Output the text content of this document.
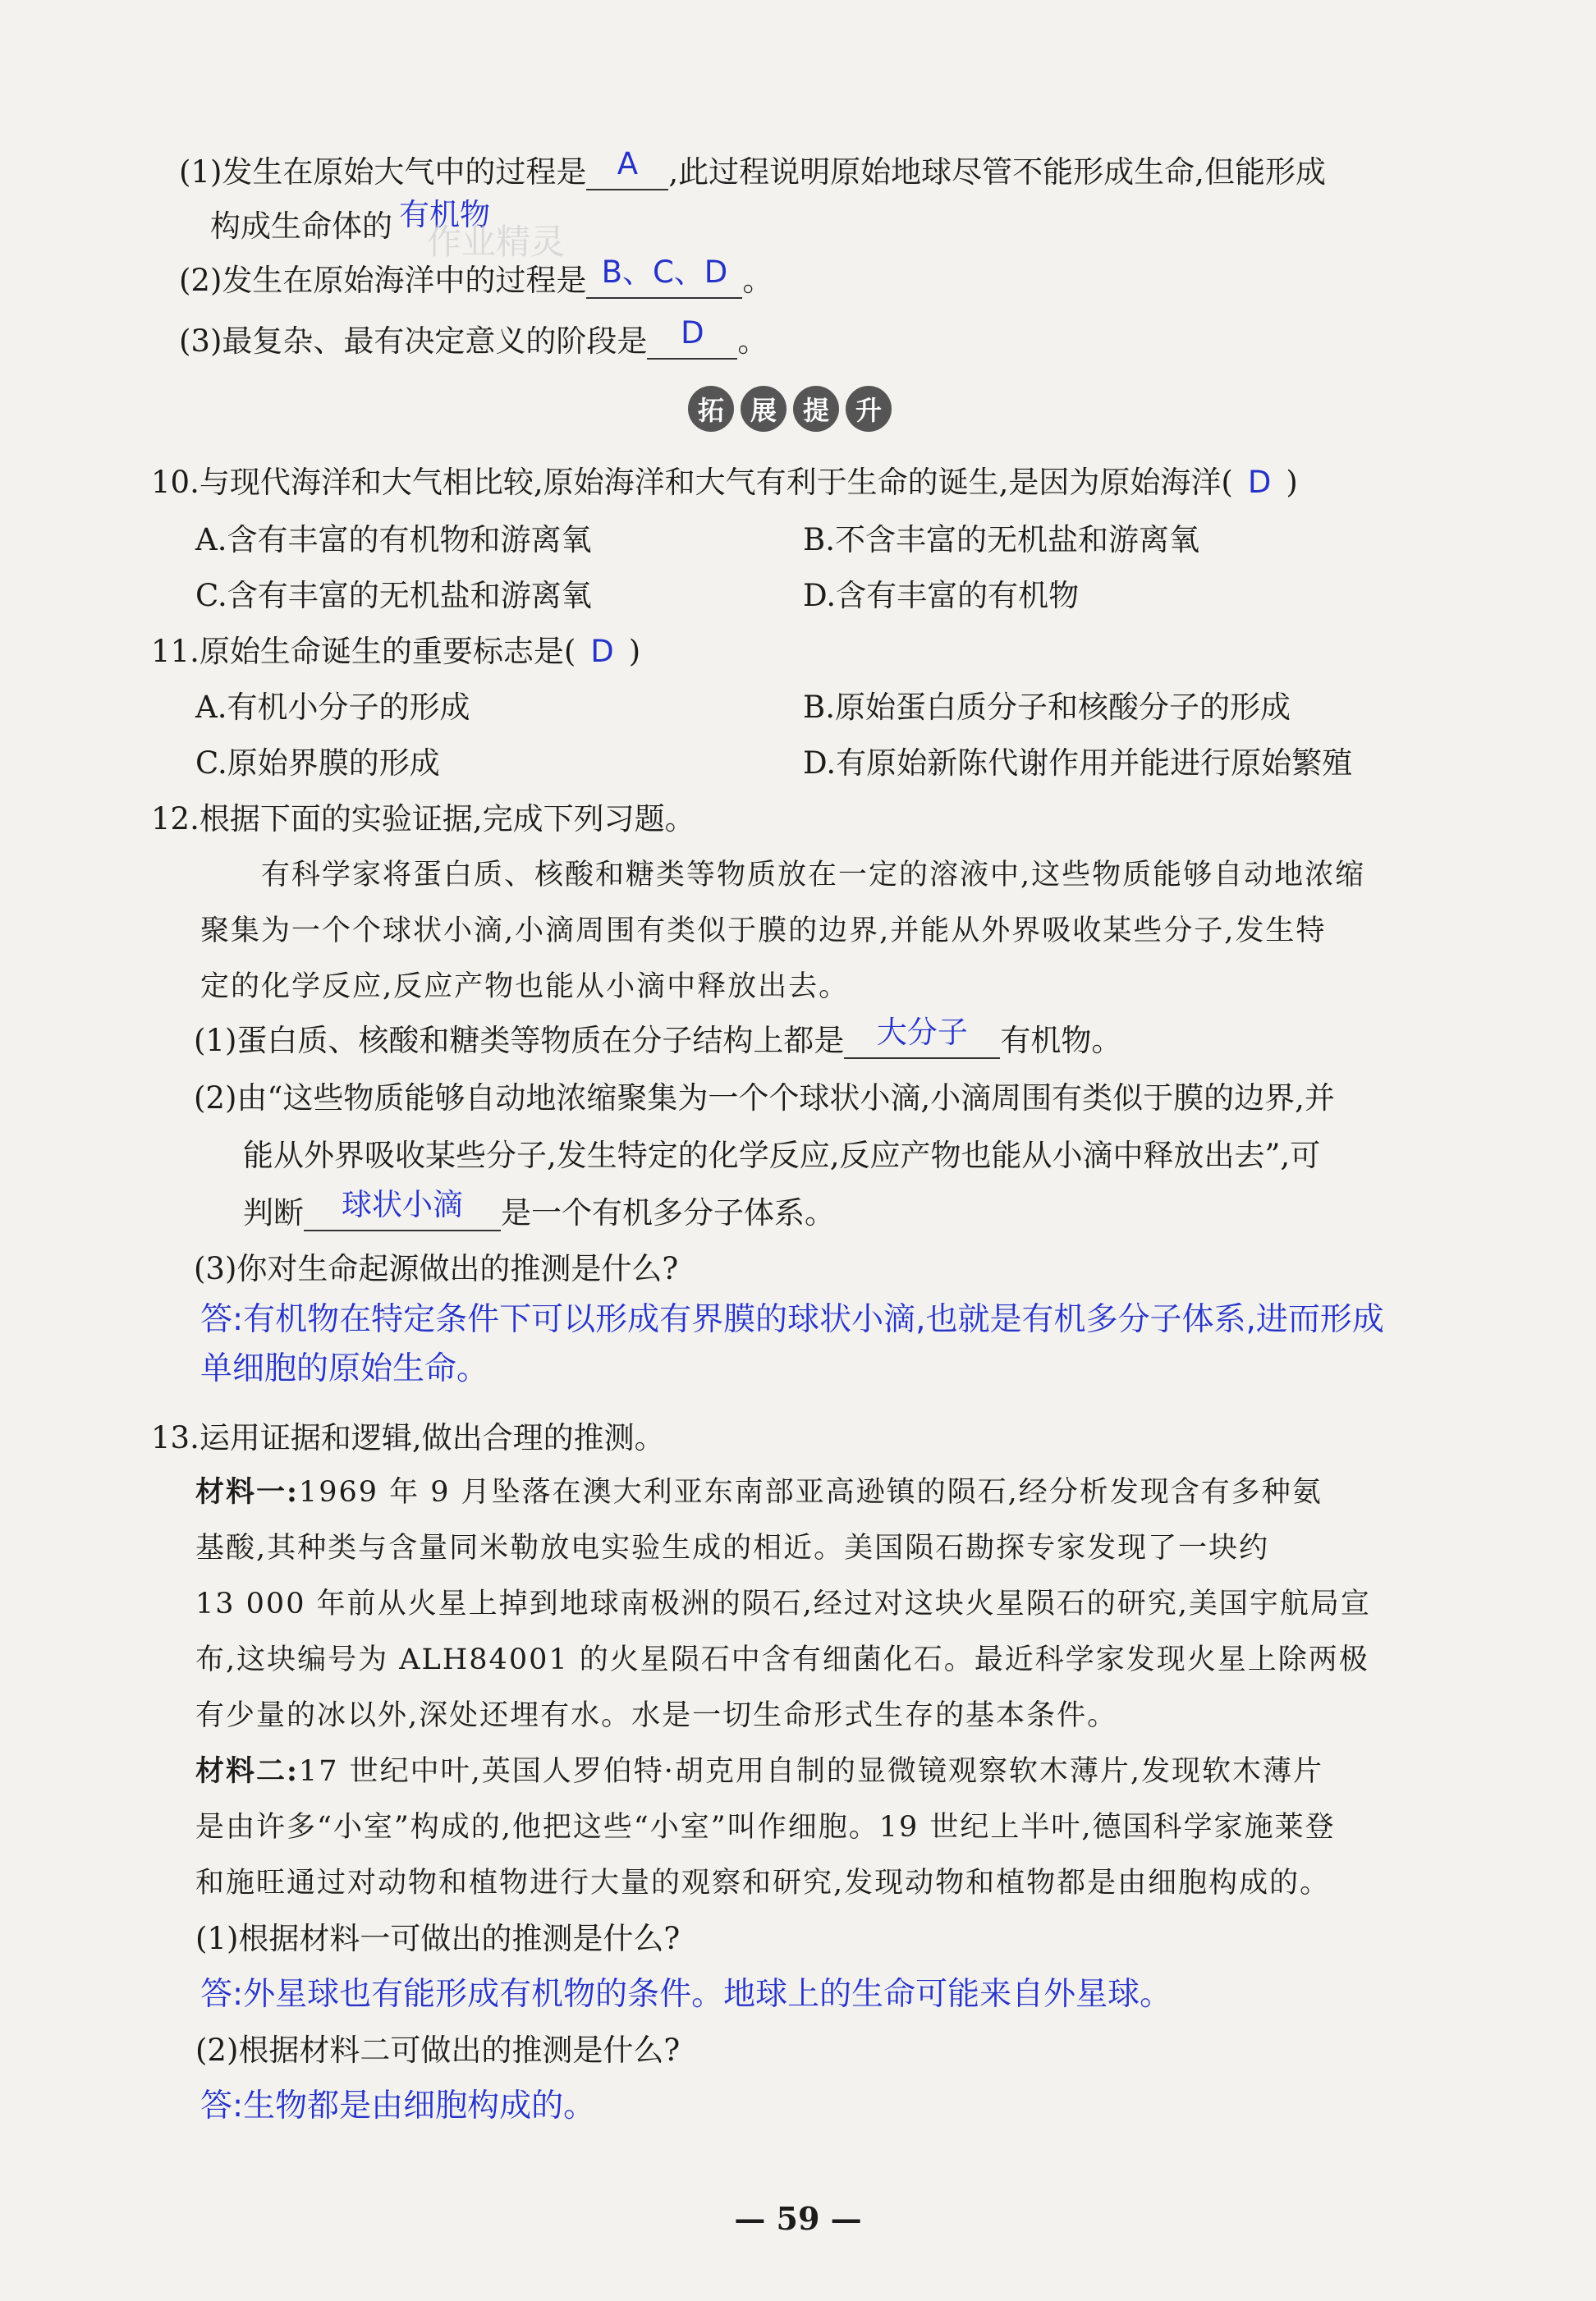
(1)发生在原始大气中的过程是 A ,此过程说明原始地球尽管不能形成生命,但能形成
构成生命体的 有机物
作业精灵
(2)发生在原始海洋中的过程是 B、C、D 。
(3)最复杂、最有决定意义的阶段是 D 。
拓 展 提 升
10.与现代海洋和大气相比较,原始海洋和大气有利于生命的诞生,是因为原始海洋( D )
A.含有丰富的有机物和游离氧	B.不含丰富的无机盐和游离氧
C.含有丰富的无机盐和游离氧	D.含有丰富的有机物
11.原始生命诞生的重要标志是( D )
A.有机小分子的形成	B.原始蛋白质分子和核酸分子的形成
C.原始界膜的形成	D.有原始新陈代谢作用并能进行原始繁殖
12.根据下面的实验证据,完成下列习题。
有科学家将蛋白质、核酸和糖类等物质放在一定的溶液中,这些物质能够自动地浓缩
聚集为一个个球状小滴,小滴周围有类似于膜的边界,并能从外界吸收某些分子,发生特
定的化学反应,反应产物也能从小滴中释放出去。
(1)蛋白质、核酸和糖类等物质在分子结构上都是 大分子 有机物。
(2)由“这些物质能够自动地浓缩聚集为一个个球状小滴,小滴周围有类似于膜的边界,并
能从外界吸收某些分子,发生特定的化学反应,反应产物也能从小滴中释放出去”,可
判断 球状小滴 是一个有机多分子体系。
(3)你对生命起源做出的推测是什么?
答:有机物在特定条件下可以形成有界膜的球状小滴,也就是有机多分子体系,进而形成
单细胞的原始生命。
13.运用证据和逻辑,做出合理的推测。
材料一:1969 年 9 月坠落在澳大利亚东南部亚高逊镇的陨石,经分析发现含有多种氨
基酸,其种类与含量同米勒放电实验生成的相近。美国陨石勘探专家发现了一块约
13 000 年前从火星上掉到地球南极洲的陨石,经过对这块火星陨石的研究,美国宇航局宣
布,这块编号为 ALH84001 的火星陨石中含有细菌化石。最近科学家发现火星上除两极
有少量的冰以外,深处还埋有水。水是一切生命形式生存的基本条件。
材料二:17 世纪中叶,英国人罗伯特·胡克用自制的显微镜观察软木薄片,发现软木薄片
是由许多“小室”构成的,他把这些“小室”叫作细胞。19 世纪上半叶,德国科学家施莱登
和施旺通过对动物和植物进行大量的观察和研究,发现动物和植物都是由细胞构成的。
(1)根据材料一可做出的推测是什么?
答:外星球也有能形成有机物的条件。地球上的生命可能来自外星球。
(2)根据材料二可做出的推测是什么?
答:生物都是由细胞构成的。
— 59 —
